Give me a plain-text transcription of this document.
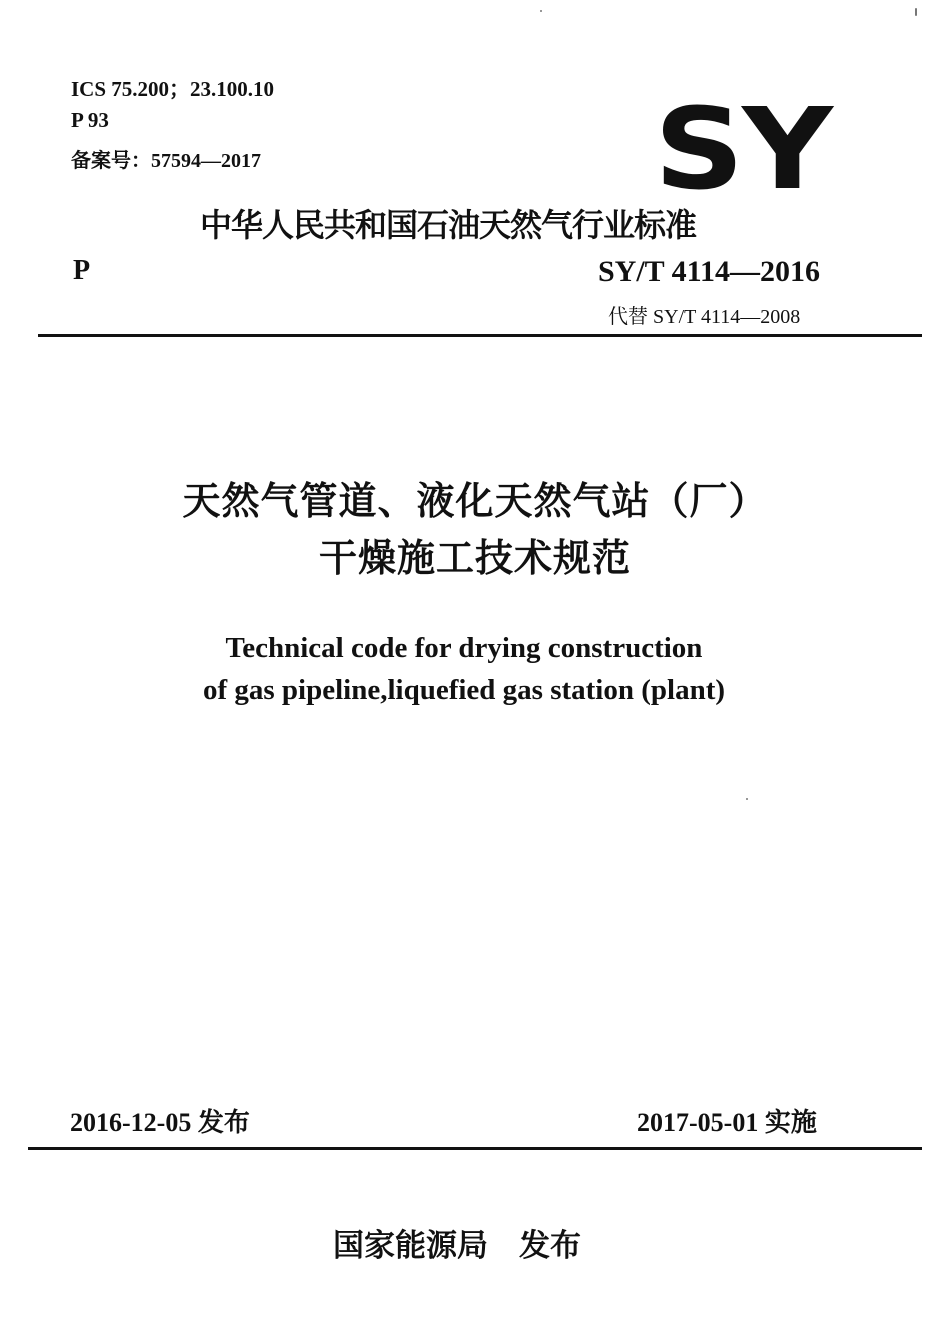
ICS 75.200；23.100.10
P 93
备案号：57594—2017	SY
中华人民共和国石油天然气行业标准
P	SY/T 4114—2016
代替 SY/T 4114—2008
天然气管道、液化天然气站（厂）
干燥施工技术规范
Technical code for drying construction
of gas pipeline,liquefied gas station (plant)
2016-12-05 发布	2017-05-01 实施
国家能源局　发布
